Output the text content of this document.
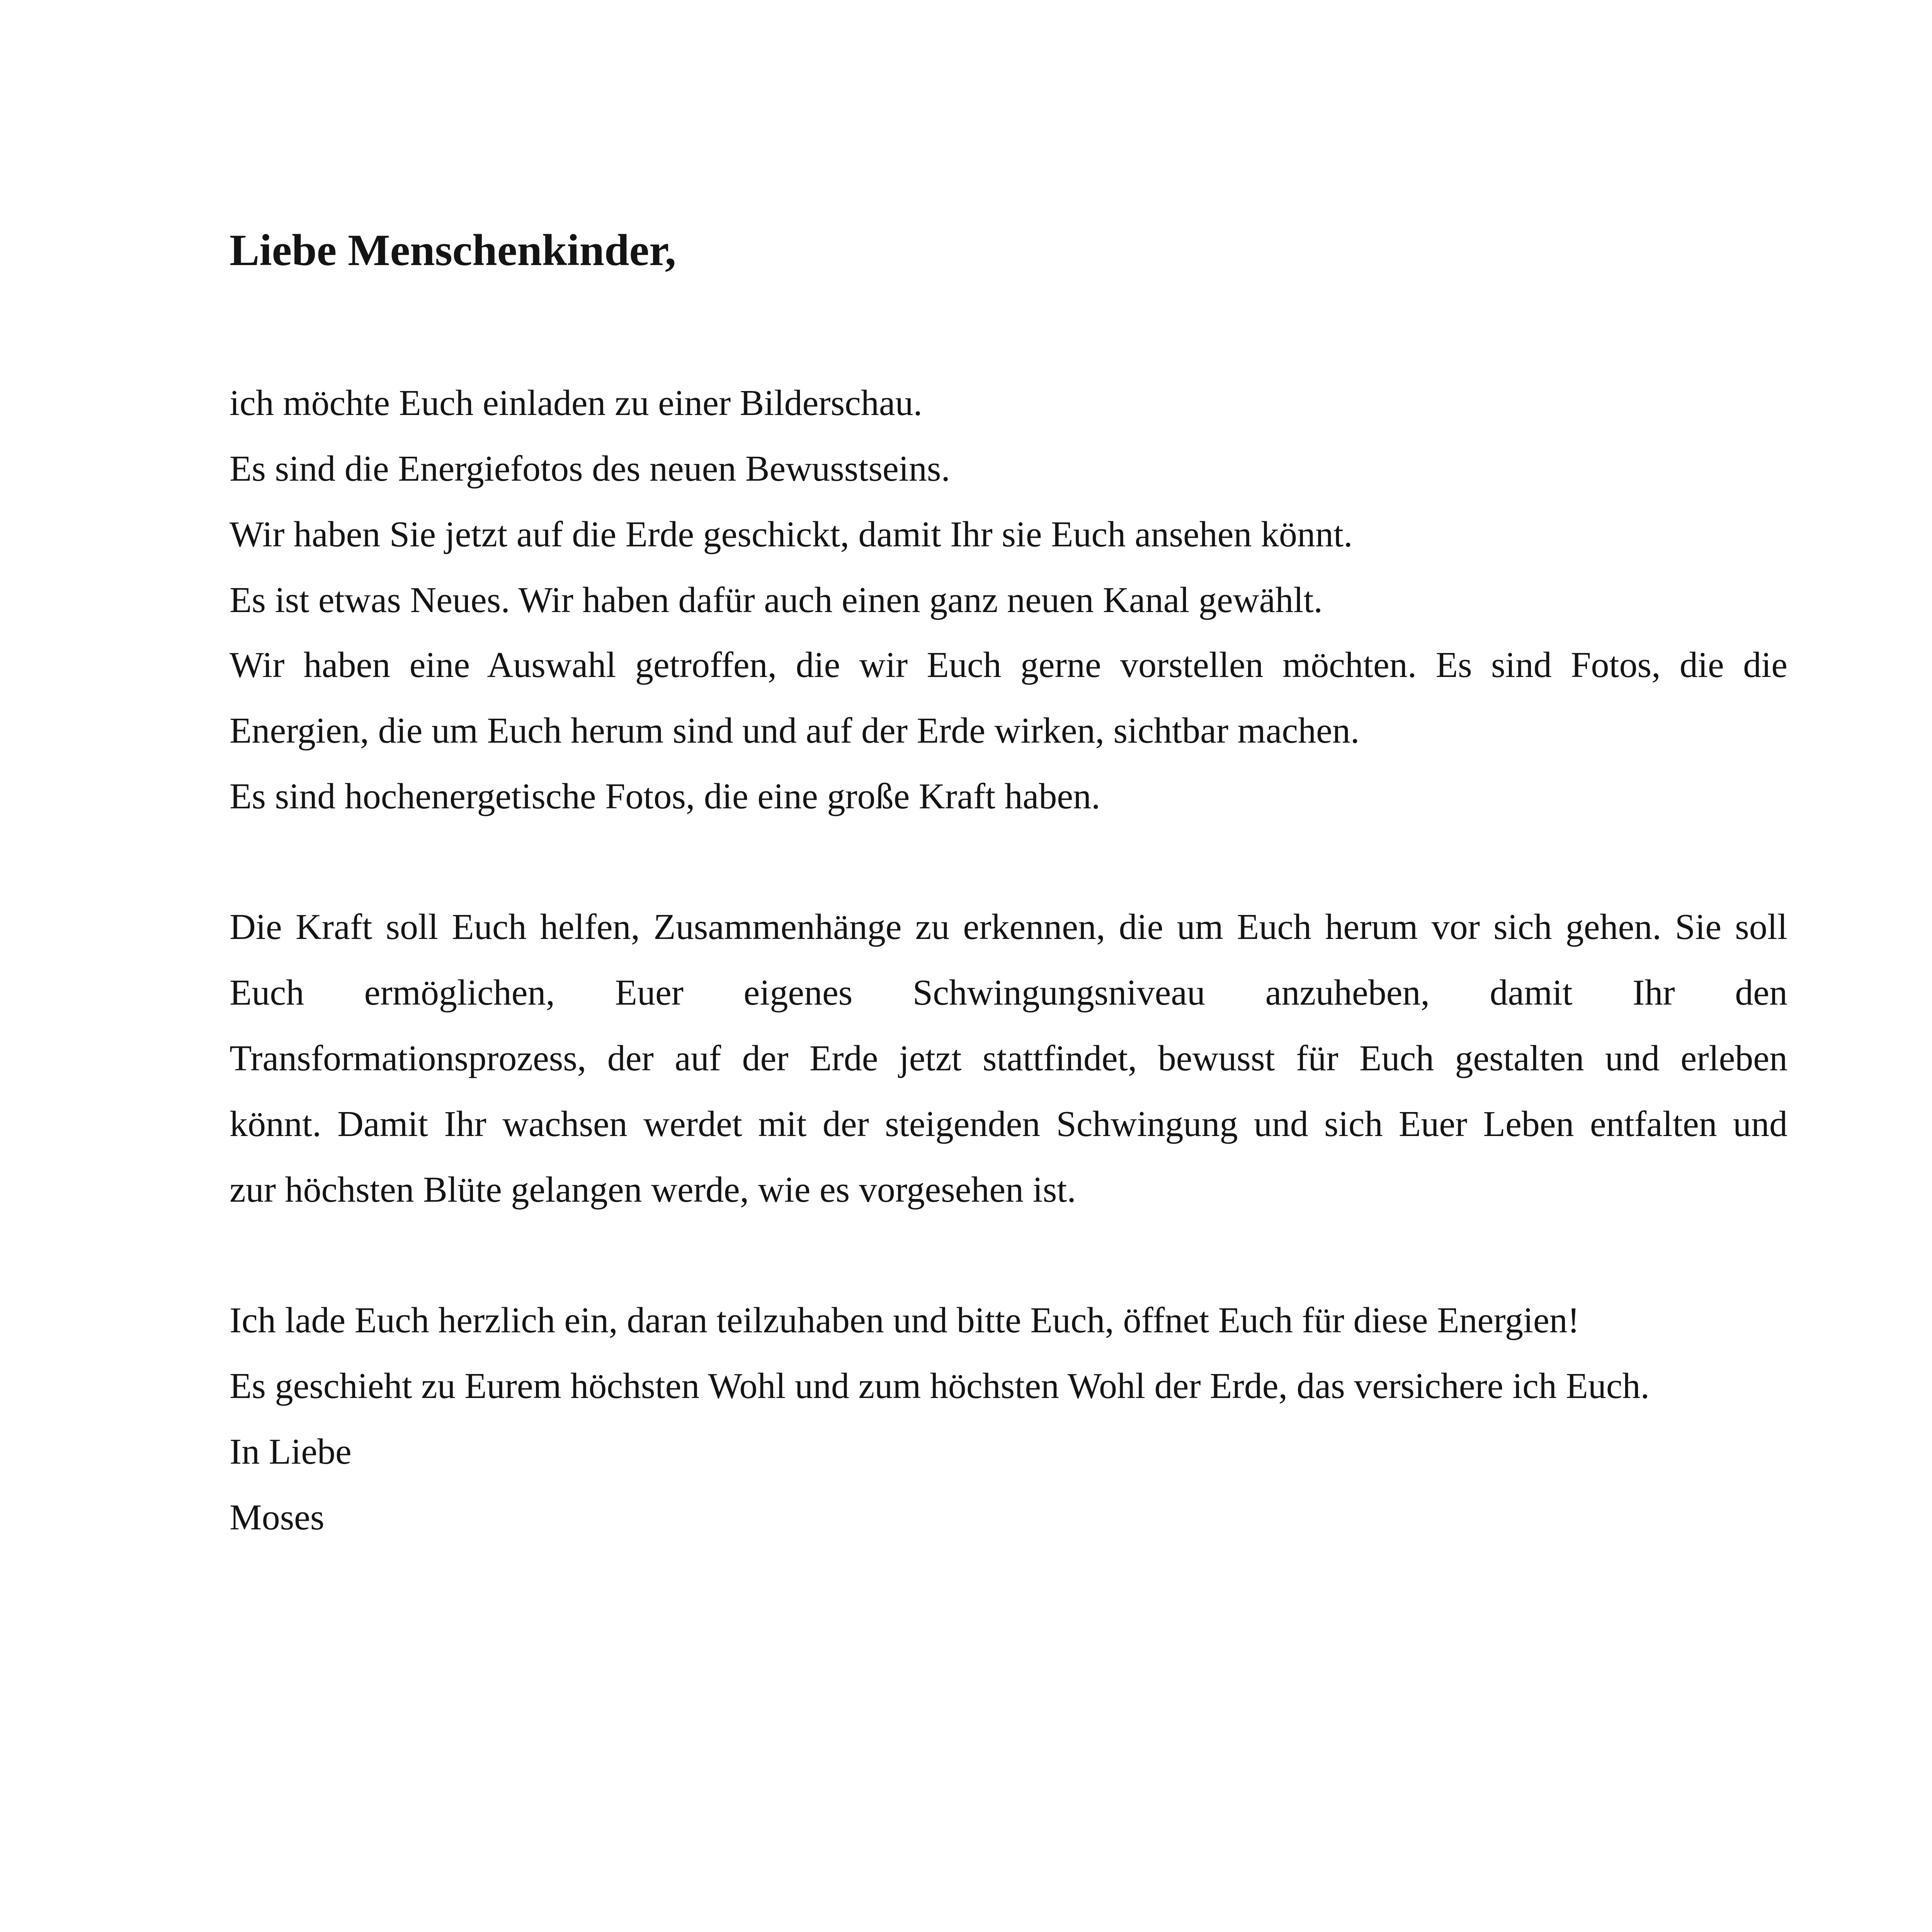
Liebe Menschenkinder,

ich möchte Euch einladen zu einer Bilderschau.

Es sind die Energiefotos des neuen Bewusstseins.

Wir haben Sie jetzt auf die Erde geschickt, damit Ihr sie Euch ansehen könnt.

Es ist etwas Neues. Wir haben dafür auch einen ganz neuen Kanal gewählt.

Wir haben eine Auswahl getroffen, die wir Euch gerne vorstellen möchten. Es sind Fotos, die die

Energien, die um Euch herum sind und auf der Erde wirken, sichtbar machen.

Es sind hochenergetische Fotos, die eine große Kraft haben.

Die Kraft soll Euch helfen, Zusammenhänge zu erkennen, die um Euch herum vor sich gehen. Sie soll

Euch ermöglichen, Euer eigenes Schwingungsniveau anzuheben, damit Ihr den

Transformationsprozess, der auf der Erde jetzt stattfindet, bewusst für Euch gestalten und erleben

könnt. Damit Ihr wachsen werdet mit der steigenden Schwingung und sich Euer Leben entfalten und

zur höchsten Blüte gelangen werde, wie es vorgesehen ist.

Ich lade Euch herzlich ein, daran teilzuhaben und bitte Euch, öffnet Euch für diese Energien!

Es geschieht zu Eurem höchsten Wohl und zum höchsten Wohl der Erde, das versichere ich Euch.

In Liebe

Moses
